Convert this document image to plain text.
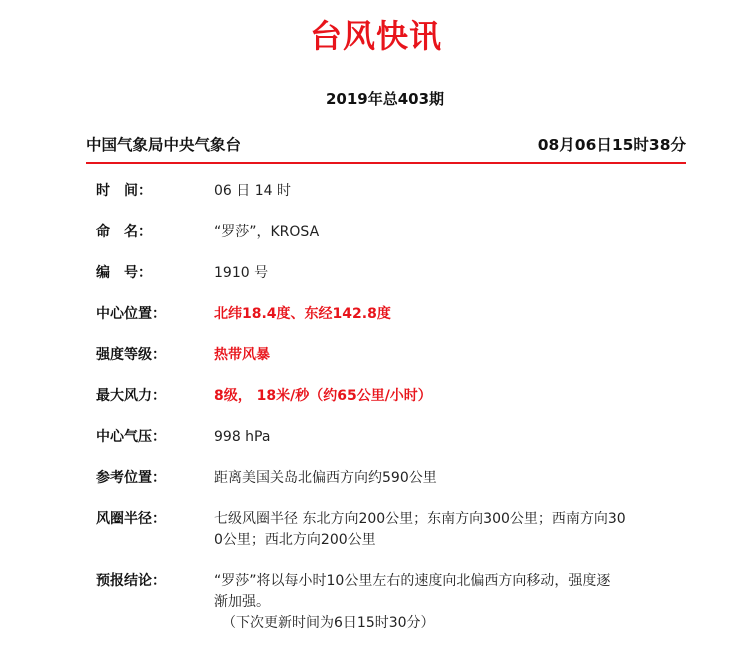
台风快讯
2019年总403期
中国气象局中央气象台	08月06日15时38分
时　间：	06 日 14 时
命　名：	“罗莎”，KROSA
编　号：	1910 号
中心位置：	北纬18.4度、东经142.8度
强度等级：	热带风暴
最大风力：	8级， 18米/秒（约65公里/小时）
中心气压：	998 hPa
参考位置：	距离美国关岛北偏西方向约590公里
风圈半径：	七级风圈半径 东北方向200公里；东南方向300公里；西南方向30
0公里；西北方向200公里
预报结论：	“罗莎”将以每小时10公里左右的速度向北偏西方向移动，强度逐
渐加强。
（下次更新时间为6日15时30分）
